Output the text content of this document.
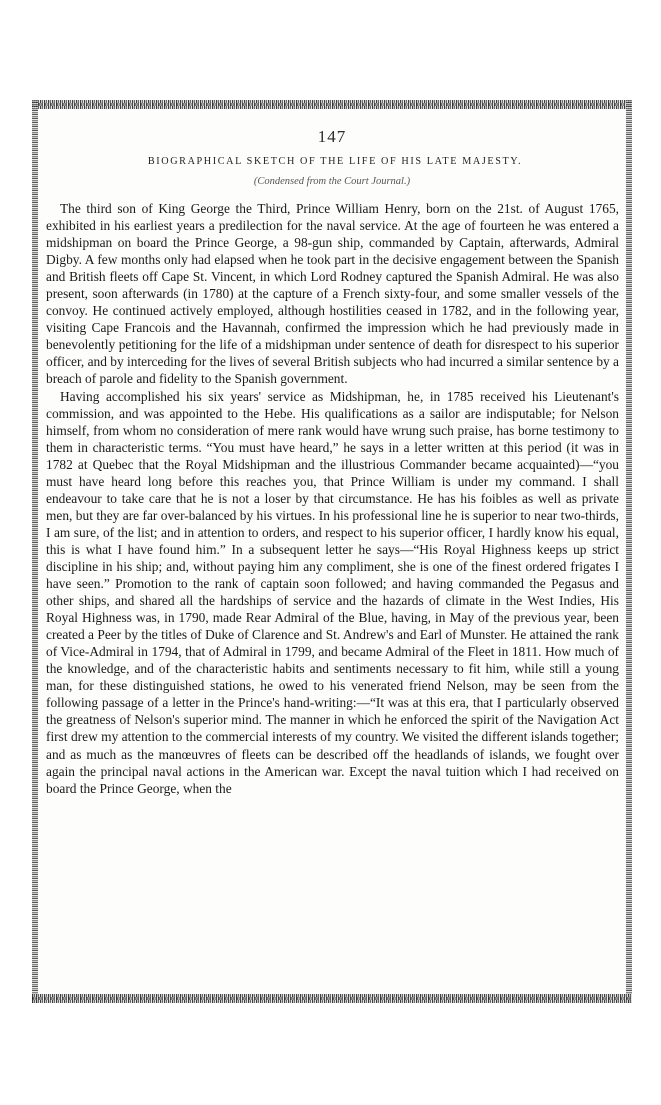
147
BIOGRAPHICAL SKETCH OF THE LIFE OF HIS LATE MAJESTY.
(Condensed from the Court Journal.)

The third son of King George the Third, Prince William Henry, born on the 21st. of August 1765, exhibited in his earliest years a predilection for the naval service. At the age of fourteen he was entered a midshipman on board the Prince George, a 98-gun ship, commanded by Captain, afterwards, Admiral Digby. A few months only had elapsed when he took part in the decisive engagement between the Spanish and British fleets off Cape St. Vincent, in which Lord Rodney captured the Spanish Admiral. He was also present, soon afterwards (in 1780) at the capture of a French sixty-four, and some smaller vessels of the convoy. He continued actively employed, although hostilities ceased in 1782, and in the following year, visiting Cape Francois and the Havannah, confirmed the impression which he had previously made in benevolently petitioning for the life of a midshipman under sentence of death for disrespect to his superior officer, and by interceding for the lives of several British subjects who had incurred a similar sentence by a breach of parole and fidelity to the Spanish government.

Having accomplished his six years' service as Midshipman, he, in 1785 received his Lieutenant's commission, and was appointed to the Hebe. His qualifications as a sailor are indisputable; for Nelson himself, from whom no consideration of mere rank would have wrung such praise, has borne testimony to them in characteristic terms. “You must have heard,” he says in a letter written at this period (it was in 1782 at Quebec that the Royal Midshipman and the illustrious Commander became acquainted)—“you must have heard long before this reaches you, that Prince William is under my command. I shall endeavour to take care that he is not a loser by that circumstance. He has his foibles as well as private men, but they are far over-balanced by his virtues. In his professional line he is superior to near two-thirds, I am sure, of the list; and in attention to orders, and respect to his superior officer, I hardly know his equal, this is what I have found him.” In a subsequent letter he says—“His Royal Highness keeps up strict discipline in his ship; and, without paying him any compliment, she is one of the finest ordered frigates I have seen.” Promotion to the rank of captain soon followed; and having commanded the Pegasus and other ships, and shared all the hardships of service and the hazards of climate in the West Indies, His Royal Highness was, in 1790, made Rear Admiral of the Blue, having, in May of the previous year, been created a Peer by the titles of Duke of Clarence and St. Andrew's and Earl of Munster. He attained the rank of Vice-Admiral in 1794, that of Admiral in 1799, and became Admiral of the Fleet in 1811. How much of the knowledge, and of the characteristic habits and sentiments necessary to fit him, while still a young man, for these distinguished stations, he owed to his venerated friend Nelson, may be seen from the following passage of a letter in the Prince's hand-writing:—“It was at this era, that I particularly observed the greatness of Nelson's superior mind. The manner in which he enforced the spirit of the Navigation Act first drew my attention to the commercial interests of my country. We visited the different islands together; and as much as the manœuvres of fleets can be described off the headlands of islands, we fought over again the principal naval actions in the American war. Except the naval tuition which I had received on board the Prince George, when the
